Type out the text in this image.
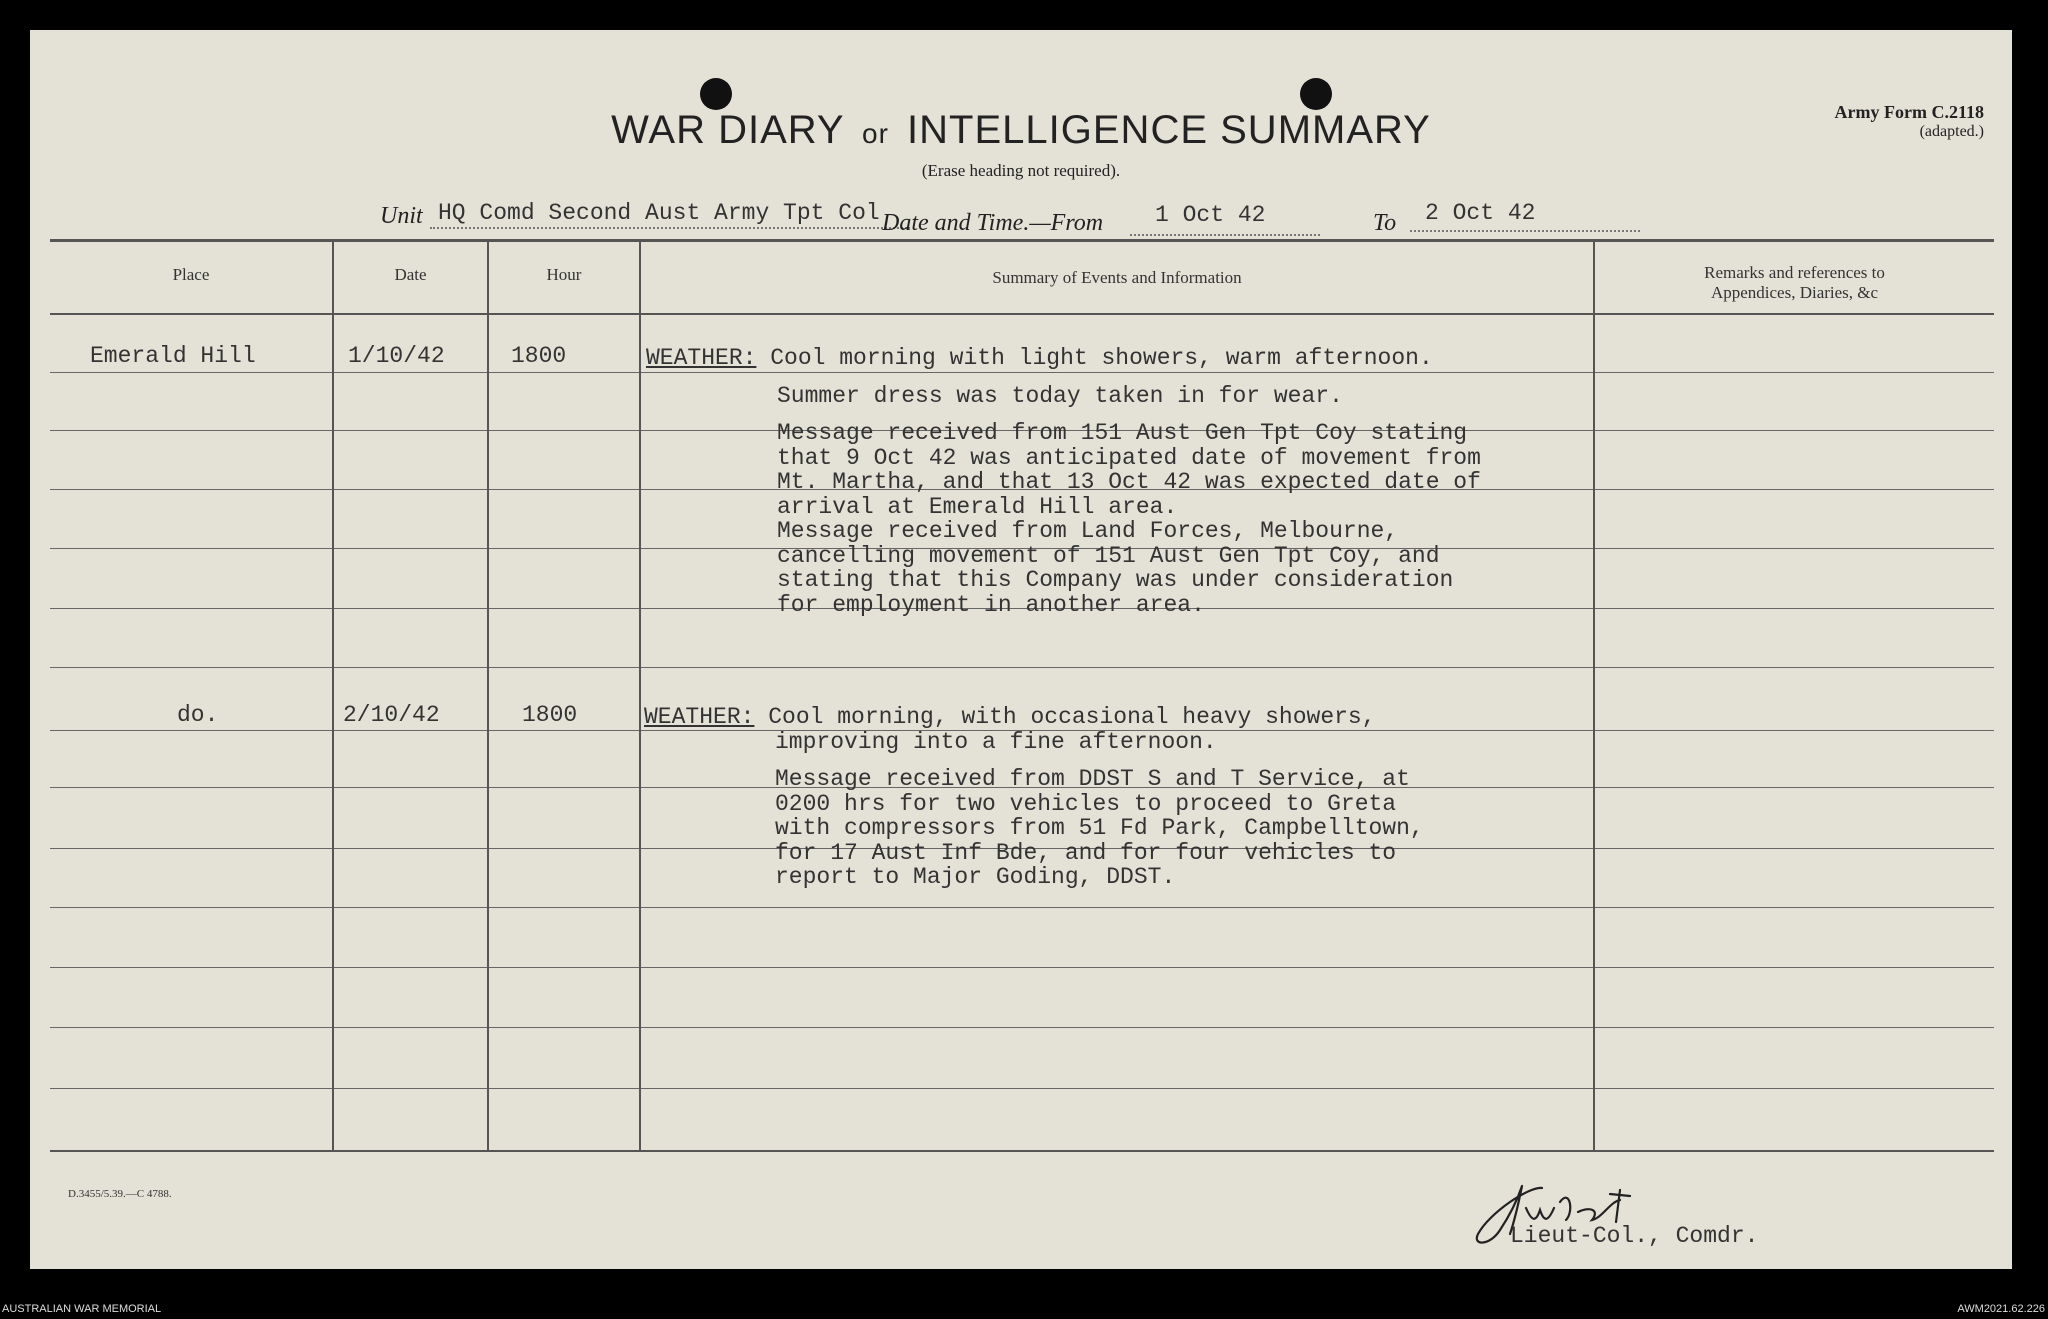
WAR DIARY or INTELLIGENCE SUMMARY
(Erase heading not required).
Army Form C.2118
(adapted.)
Unit HQ Comd Second Aust Army Tpt Col Date and Time.—From 1 Oct 42	To 2 Oct 42
Place	Date	Hour	Summary of Events and Information	Remarks and references to
Appendices, Diaries, &c
Emerald Hill	1/10/42	1800	WEATHER: Cool morning with light showers, warm afternoon.
Summer dress was today taken in for wear.
Message received from 151 Aust Gen Tpt Coy stating
that 9 Oct 42 was anticipated date of movement from
Mt. Martha, and that 13 Oct 42 was expected date of
arrival at Emerald Hill area.
Message received from Land Forces, Melbourne,
cancelling movement of 151 Aust Gen Tpt Coy, and
stating that this Company was under consideration
for employment in another area.
do.	2/10/42	1800	WEATHER: Cool morning, with occasional heavy showers,
improving into a fine afternoon.
Message received from DDST S and T Service, at
0200 hrs for two vehicles to proceed to Greta
with compressors from 51 Fd Park, Campbelltown,
for 17 Aust Inf Bde, and for four vehicles to
report to Major Goding, DDST.
D.3455/5.39.—C 4788.
Lieut-Col., Comdr.
AUSTRALIAN WAR MEMORIAL	AWM2021.62.226
